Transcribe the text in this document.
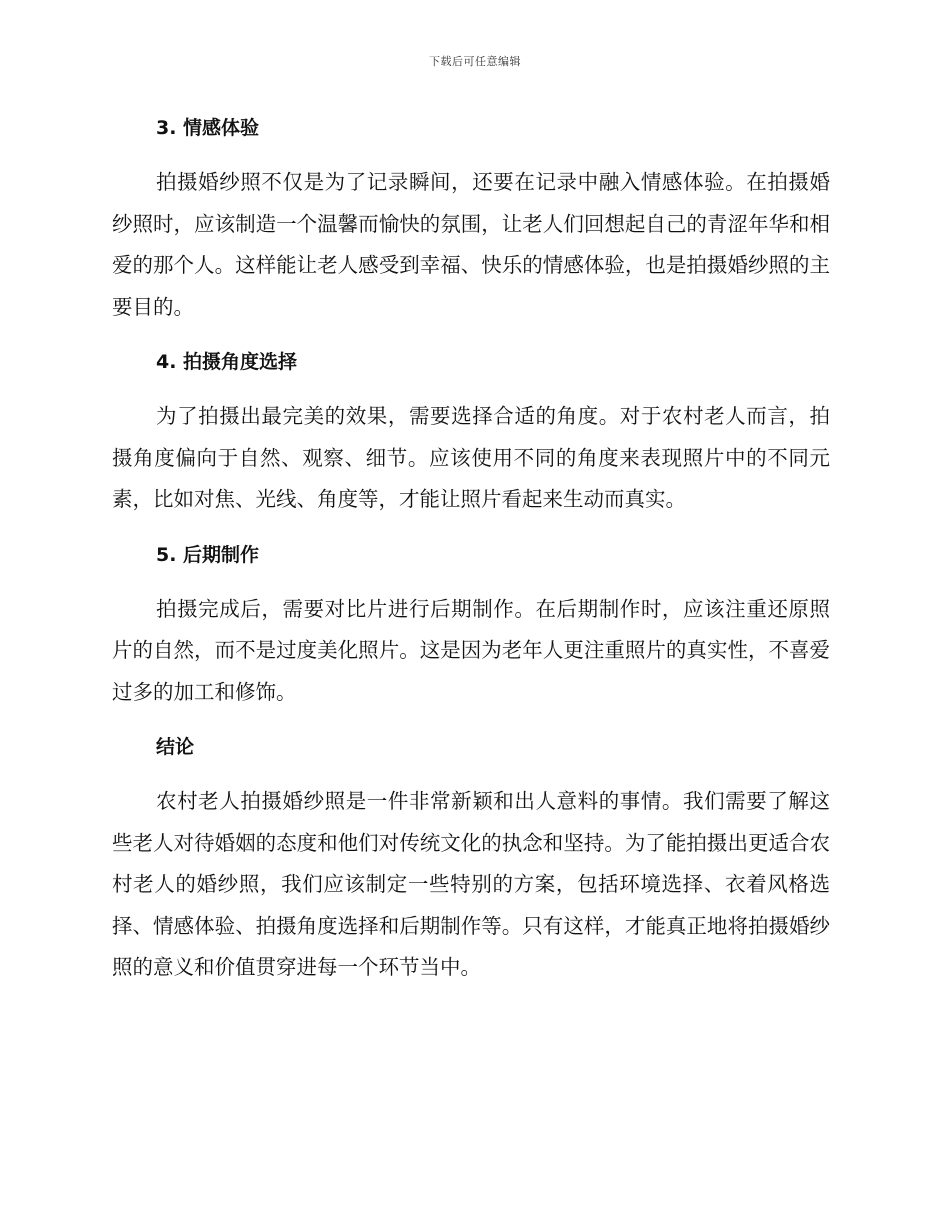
下载后可任意编辑
3. 情感体验

拍摄婚纱照不仅是为了记录瞬间，还要在记录中融入情感体验。在拍摄婚纱照时，应该制造一个温馨而愉快的氛围，让老人们回想起自己的青涩年华和相爱的那个人。这样能让老人感受到幸福、快乐的情感体验，也是拍摄婚纱照的主要目的。

4. 拍摄角度选择

为了拍摄出最完美的效果，需要选择合适的角度。对于农村老人而言，拍摄角度偏向于自然、观察、细节。应该使用不同的角度来表现照片中的不同元素，比如对焦、光线、角度等，才能让照片看起来生动而真实。

5. 后期制作

拍摄完成后，需要对比片进行后期制作。在后期制作时，应该注重还原照片的自然，而不是过度美化照片。这是因为老年人更注重照片的真实性，不喜爱过多的加工和修饰。

结论

农村老人拍摄婚纱照是一件非常新颖和出人意料的事情。我们需要了解这些老人对待婚姻的态度和他们对传统文化的执念和坚持。为了能拍摄出更适合农村老人的婚纱照，我们应该制定一些特别的方案，包括环境选择、衣着风格选择、情感体验、拍摄角度选择和后期制作等。只有这样，才能真正地将拍摄婚纱照的意义和价值贯穿进每一个环节当中。
